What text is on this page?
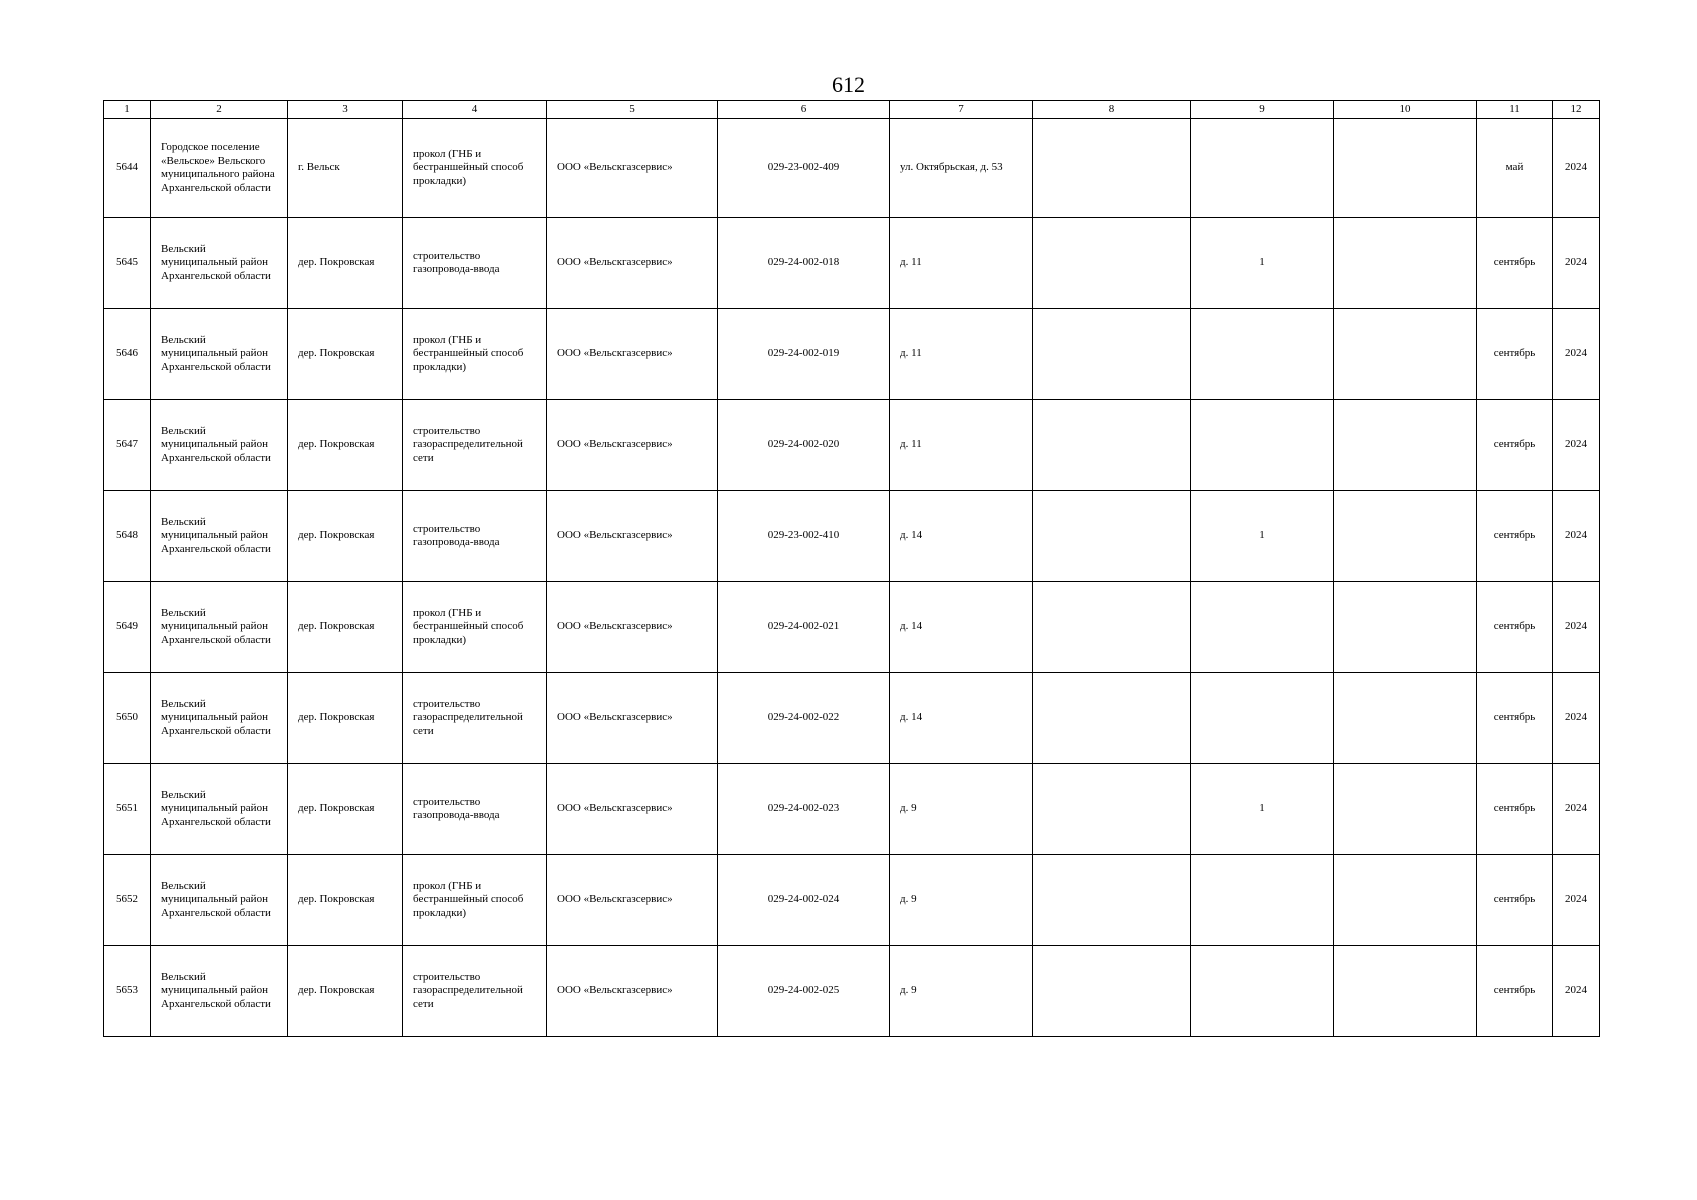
612
1	2	3	4	5	6	7	8	9	10	11	12
5644	Городское поселение «Вельское» Вельского муниципального района Архангельской области	г. Вельск	прокол (ГНБ и бестраншейный способ прокладки)	ООО «Вельскгазсервис»	029-23-002-409	ул. Октябрьская, д. 53				май	2024
5645	Вельский муниципальный район Архангельской области	дер. Покровская	строительство газопровода-ввода	ООО «Вельскгазсервис»	029-24-002-018	д. 11		1		сентябрь	2024
5646	Вельский муниципальный район Архангельской области	дер. Покровская	прокол (ГНБ и бестраншейный способ прокладки)	ООО «Вельскгазсервис»	029-24-002-019	д. 11				сентябрь	2024
5647	Вельский муниципальный район Архангельской области	дер. Покровская	строительство газораспределительной сети	ООО «Вельскгазсервис»	029-24-002-020	д. 11				сентябрь	2024
5648	Вельский муниципальный район Архангельской области	дер. Покровская	строительство газопровода-ввода	ООО «Вельскгазсервис»	029-23-002-410	д. 14		1		сентябрь	2024
5649	Вельский муниципальный район Архангельской области	дер. Покровская	прокол (ГНБ и бестраншейный способ прокладки)	ООО «Вельскгазсервис»	029-24-002-021	д. 14				сентябрь	2024
5650	Вельский муниципальный район Архангельской области	дер. Покровская	строительство газораспределительной сети	ООО «Вельскгазсервис»	029-24-002-022	д. 14				сентябрь	2024
5651	Вельский муниципальный район Архангельской области	дер. Покровская	строительство газопровода-ввода	ООО «Вельскгазсервис»	029-24-002-023	д. 9		1		сентябрь	2024
5652	Вельский муниципальный район Архангельской области	дер. Покровская	прокол (ГНБ и бестраншейный способ прокладки)	ООО «Вельскгазсервис»	029-24-002-024	д. 9				сентябрь	2024
5653	Вельский муниципальный район Архангельской области	дер. Покровская	строительство газораспределительной сети	ООО «Вельскгазсервис»	029-24-002-025	д. 9				сентябрь	2024
